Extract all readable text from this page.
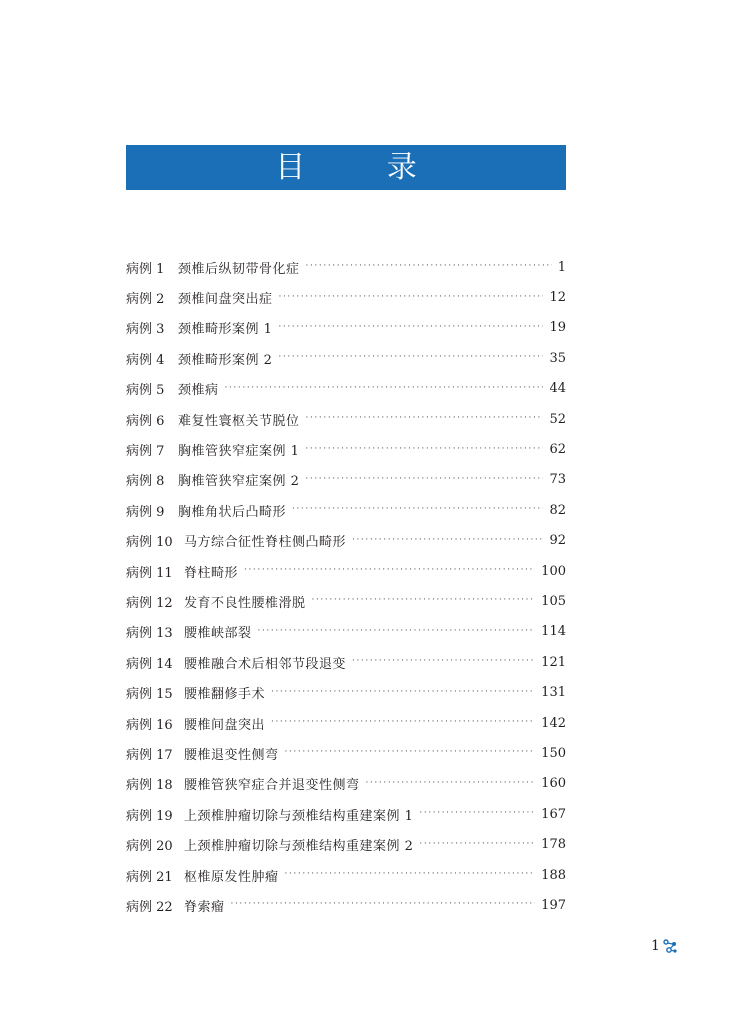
目 录
病例 1	颈椎后纵韧带骨化症 ·····	1
病例 2	颈椎间盘突出症 ·····	12
病例 3	颈椎畸形案例 1 ·····	19
病例 4	颈椎畸形案例 2 ·····	35
病例 5	颈椎病 ·····	44
病例 6	难复性寰枢关节脱位 ·····	52
病例 7	胸椎管狭窄症案例 1 ·····	62
病例 8	胸椎管狭窄症案例 2 ·····	73
病例 9	胸椎角状后凸畸形 ·····	82
病例 10 马方综合征性脊柱侧凸畸形 ·····	92
病例 11 脊柱畸形 ·····	100
病例 12 发育不良性腰椎滑脱 ·····	105
病例 13 腰椎峡部裂 ·····	114
病例 14 腰椎融合术后相邻节段退变 ·····	121
病例 15 腰椎翻修手术 ·····	131
病例 16 腰椎间盘突出 ·····	142
病例 17 腰椎退变性侧弯 ·····	150
病例 18 腰椎管狭窄症合并退变性侧弯 ·····	160
病例 19 上颈椎肿瘤切除与颈椎结构重建案例 1 ·····	167
病例 20 上颈椎肿瘤切除与颈椎结构重建案例 2 ·····	178
病例 21 枢椎原发性肿瘤 ·····	188
病例 22 脊索瘤 ·····	197
1
